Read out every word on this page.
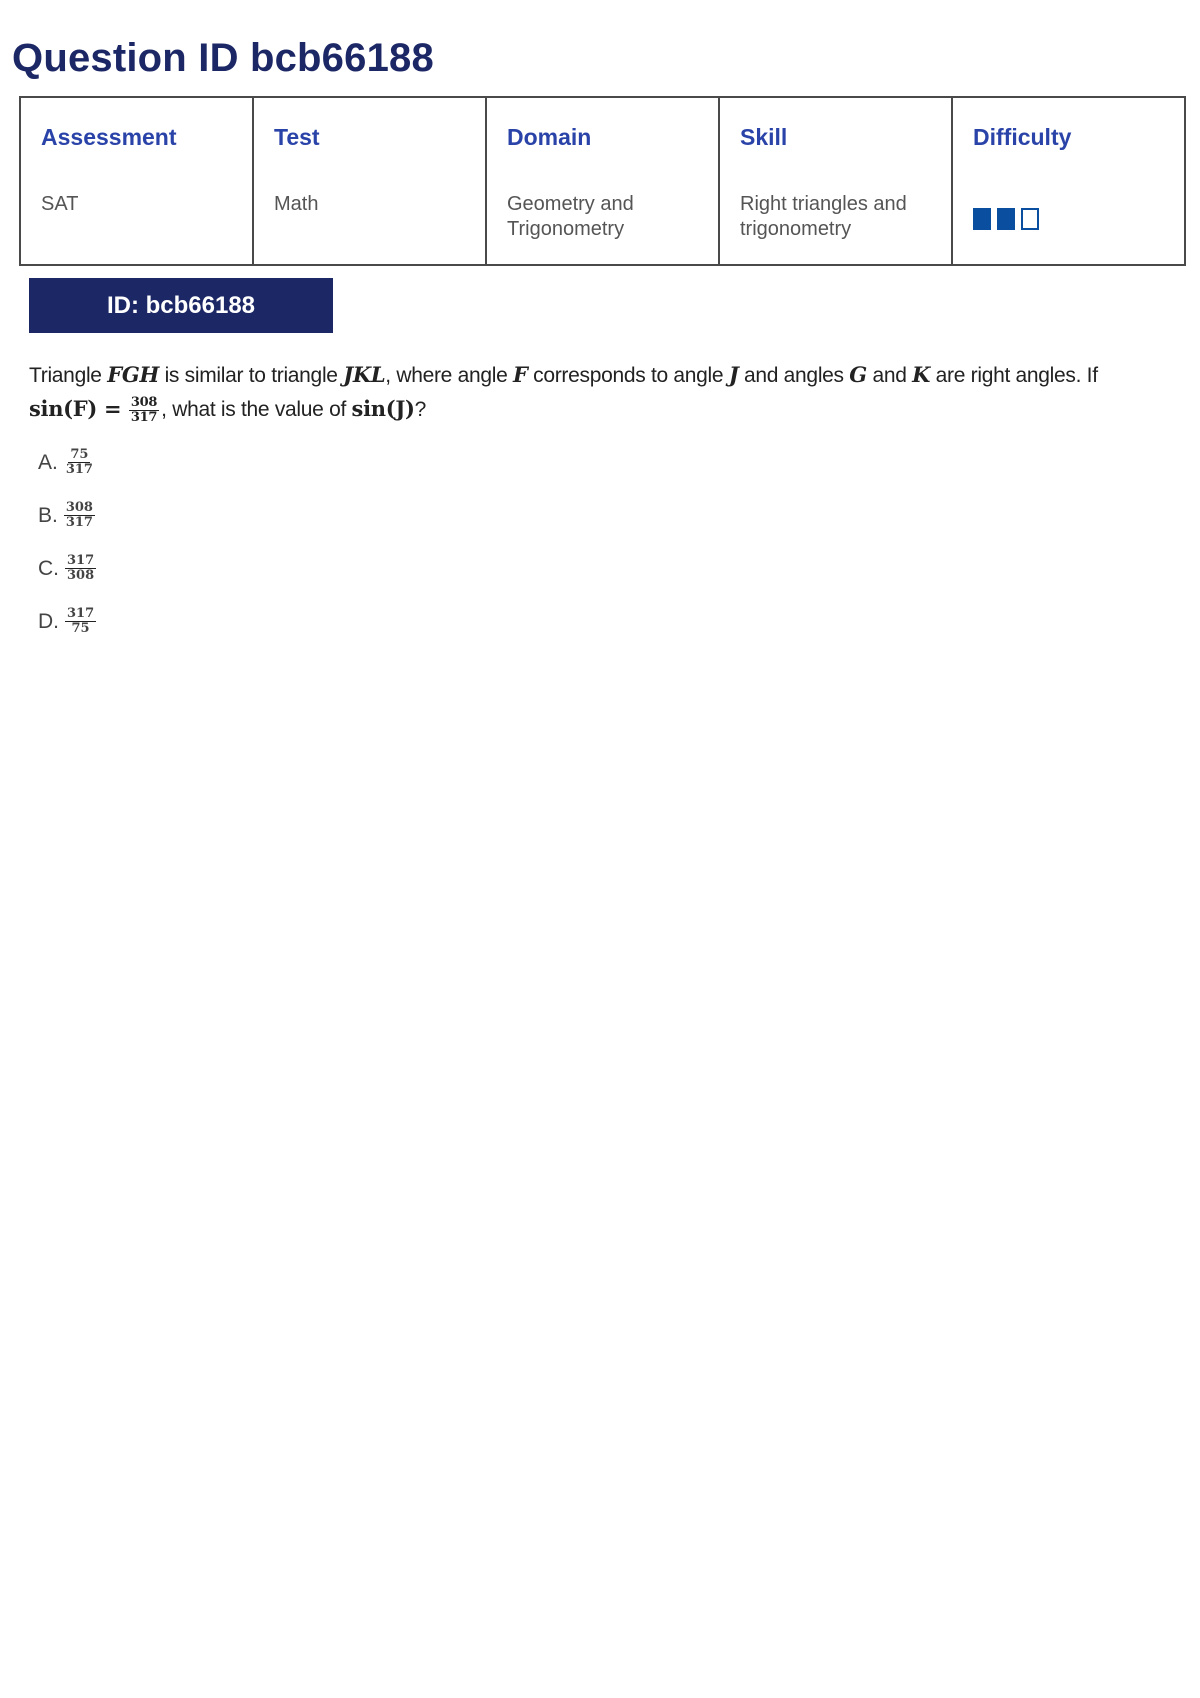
Question ID bcb66188
Assessment
SAT
Test
Math
Domain
Geometry and Trigonometry
Skill
Right triangles and trigonometry
Difficulty
ID: bcb66188
Triangle FGH is similar to triangle JKL, where angle F corresponds to angle J and angles G and K are right angles. If
$\sin(F) = \frac{308}{317}$ , what is the value of sin(J)?
A. $\frac{75}{317}$
B. $\frac{308}{317}$
C. $\frac{317}{308}$
D. $\frac{317}{75}$
